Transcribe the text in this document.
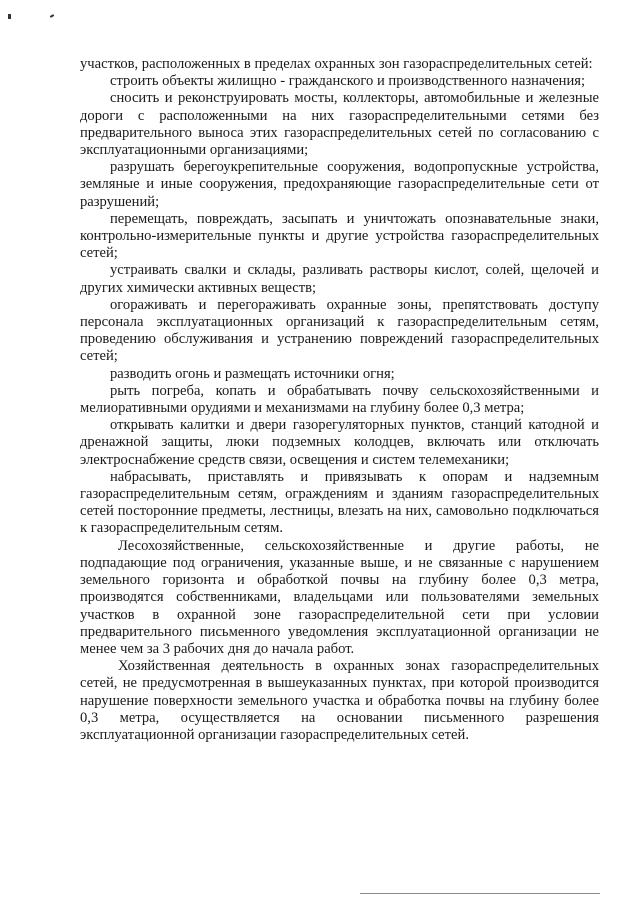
участков, расположенных в пределах охранных зон газораспределительных сетей:

строить объекты жилищно - гражданского и производственного назначения;

сносить и реконструировать мосты, коллекторы, автомобильные и железные дороги с расположенными на них газораспределительными сетями без предварительного выноса этих газораспределительных сетей по согласованию с эксплуатационными организациями;

разрушать берегоукрепительные сооружения, водопропускные устройства, земляные и иные сооружения, предохраняющие газораспределительные сети от разрушений;

перемещать, повреждать, засыпать и уничтожать опознавательные знаки, контрольно-измерительные пункты и другие устройства газораспределительных сетей;

устраивать свалки и склады, разливать растворы кислот, солей, щелочей и других химически активных веществ;

огораживать и перегораживать охранные зоны, препятствовать доступу персонала эксплуатационных организаций к газораспределительным сетям, проведению обслуживания и устранению повреждений газораспределительных сетей;

разводить огонь и размещать источники огня;

рыть погреба, копать и обрабатывать почву сельскохозяйственными и мелиоративными орудиями и механизмами на глубину более 0,3 метра;

открывать калитки и двери газорегуляторных пунктов, станций катодной и дренажной защиты, люки подземных колодцев, включать или отключать электроснабжение средств связи, освещения и систем телемеханики;

набрасывать, приставлять и привязывать к опорам и надземным газораспределительным сетям, ограждениям и зданиям газораспределительных сетей посторонние предметы, лестницы, влезать на них, самовольно подключаться к газораспределительным сетям.

Лесохозяйственные, сельскохозяйственные и другие работы, не подпадающие под ограничения, указанные выше, и не связанные с нарушением земельного горизонта и обработкой почвы на глубину более 0,3 метра, производятся собственниками, владельцами или пользователями земельных участков в охранной зоне газораспределительной сети при условии предварительного письменного уведомления эксплуатационной организации не менее чем за 3 рабочих дня до начала работ.

Хозяйственная деятельность в охранных зонах газораспределительных сетей, не предусмотренная в вышеуказанных пунктах, при которой производится нарушение поверхности земельного участка и обработка почвы на глубину более 0,3 метра, осуществляется на основании письменного разрешения эксплуатационной организации газораспределительных сетей.
